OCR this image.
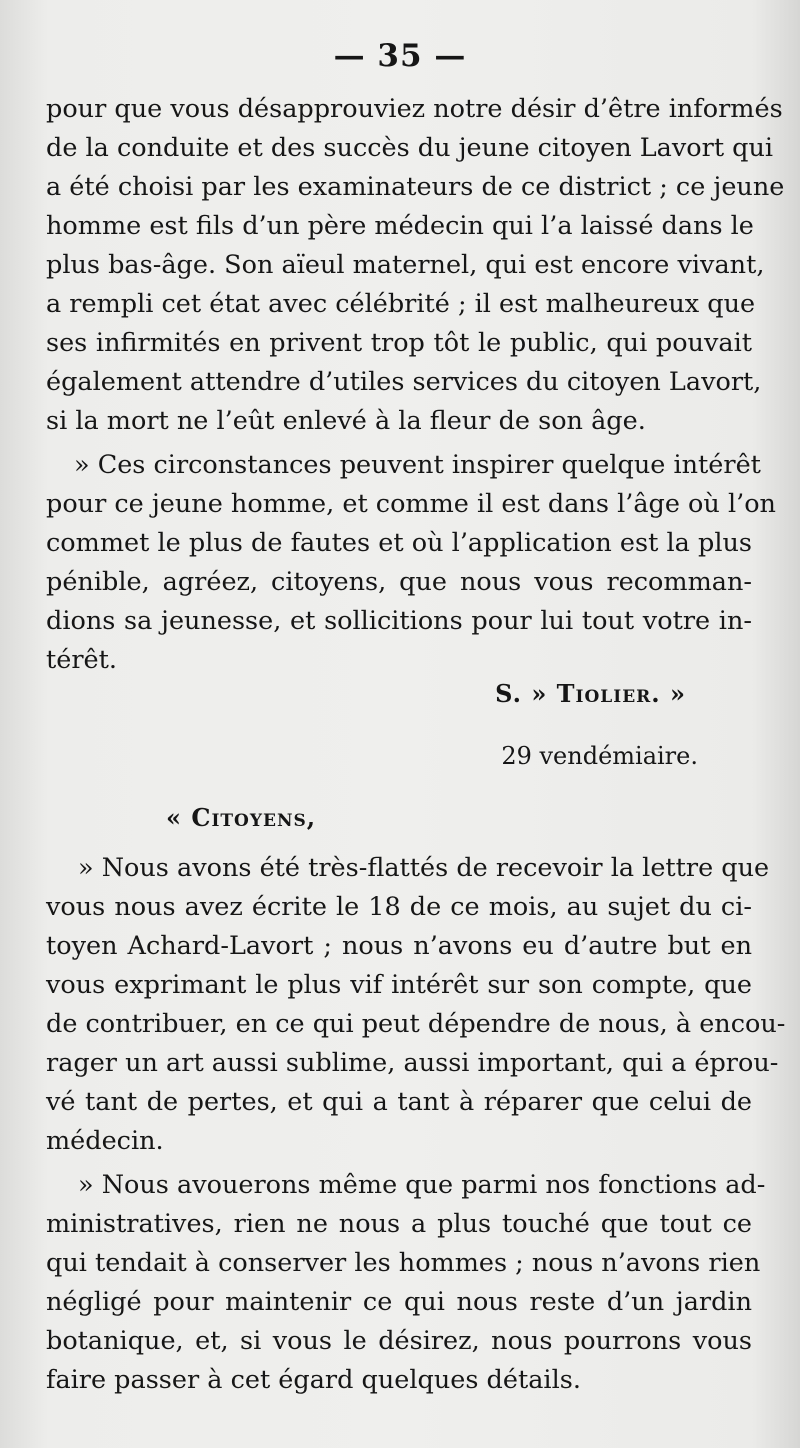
— 35 —
pour que vous désapprouviez notre désir d’être informés
de la conduite et des succès du jeune citoyen Lavort qui
a été choisi par les examinateurs de ce district ; ce jeune
homme est fils d’un père médecin qui l’a laissé dans le
plus bas-âge. Son aïeul maternel, qui est encore vivant,
a rempli cet état avec célébrité ; il est malheureux que
ses infirmités en privent trop tôt le public, qui pouvait
également attendre d’utiles services du citoyen Lavort,
si la mort ne l’eût enlevé à la fleur de son âge.
» Ces circonstances peuvent inspirer quelque intérêt
pour ce jeune homme, et comme il est dans l’âge où l’on
commet le plus de fautes et où l’application est la plus
pénible, agréez, citoyens, que nous vous recomman-
dions sa jeunesse, et sollicitions pour lui tout votre in-
térêt.
S. » Tiolier. »
29 vendémiaire.
« Citoyens,
» Nous avons été très-flattés de recevoir la lettre que
vous nous avez écrite le 18 de ce mois, au sujet du ci-
toyen Achard-Lavort ; nous n’avons eu d’autre but en
vous exprimant le plus vif intérêt sur son compte, que
de contribuer, en ce qui peut dépendre de nous, à encou-
rager un art aussi sublime, aussi important, qui a éprou-
vé tant de pertes, et qui a tant à réparer que celui de
médecin.
» Nous avouerons même que parmi nos fonctions ad-
ministratives, rien ne nous a plus touché que tout ce
qui tendait à conserver les hommes ; nous n’avons rien
négligé pour maintenir ce qui nous reste d’un jardin
botanique, et, si vous le désirez, nous pourrons vous
faire passer à cet égard quelques détails.
